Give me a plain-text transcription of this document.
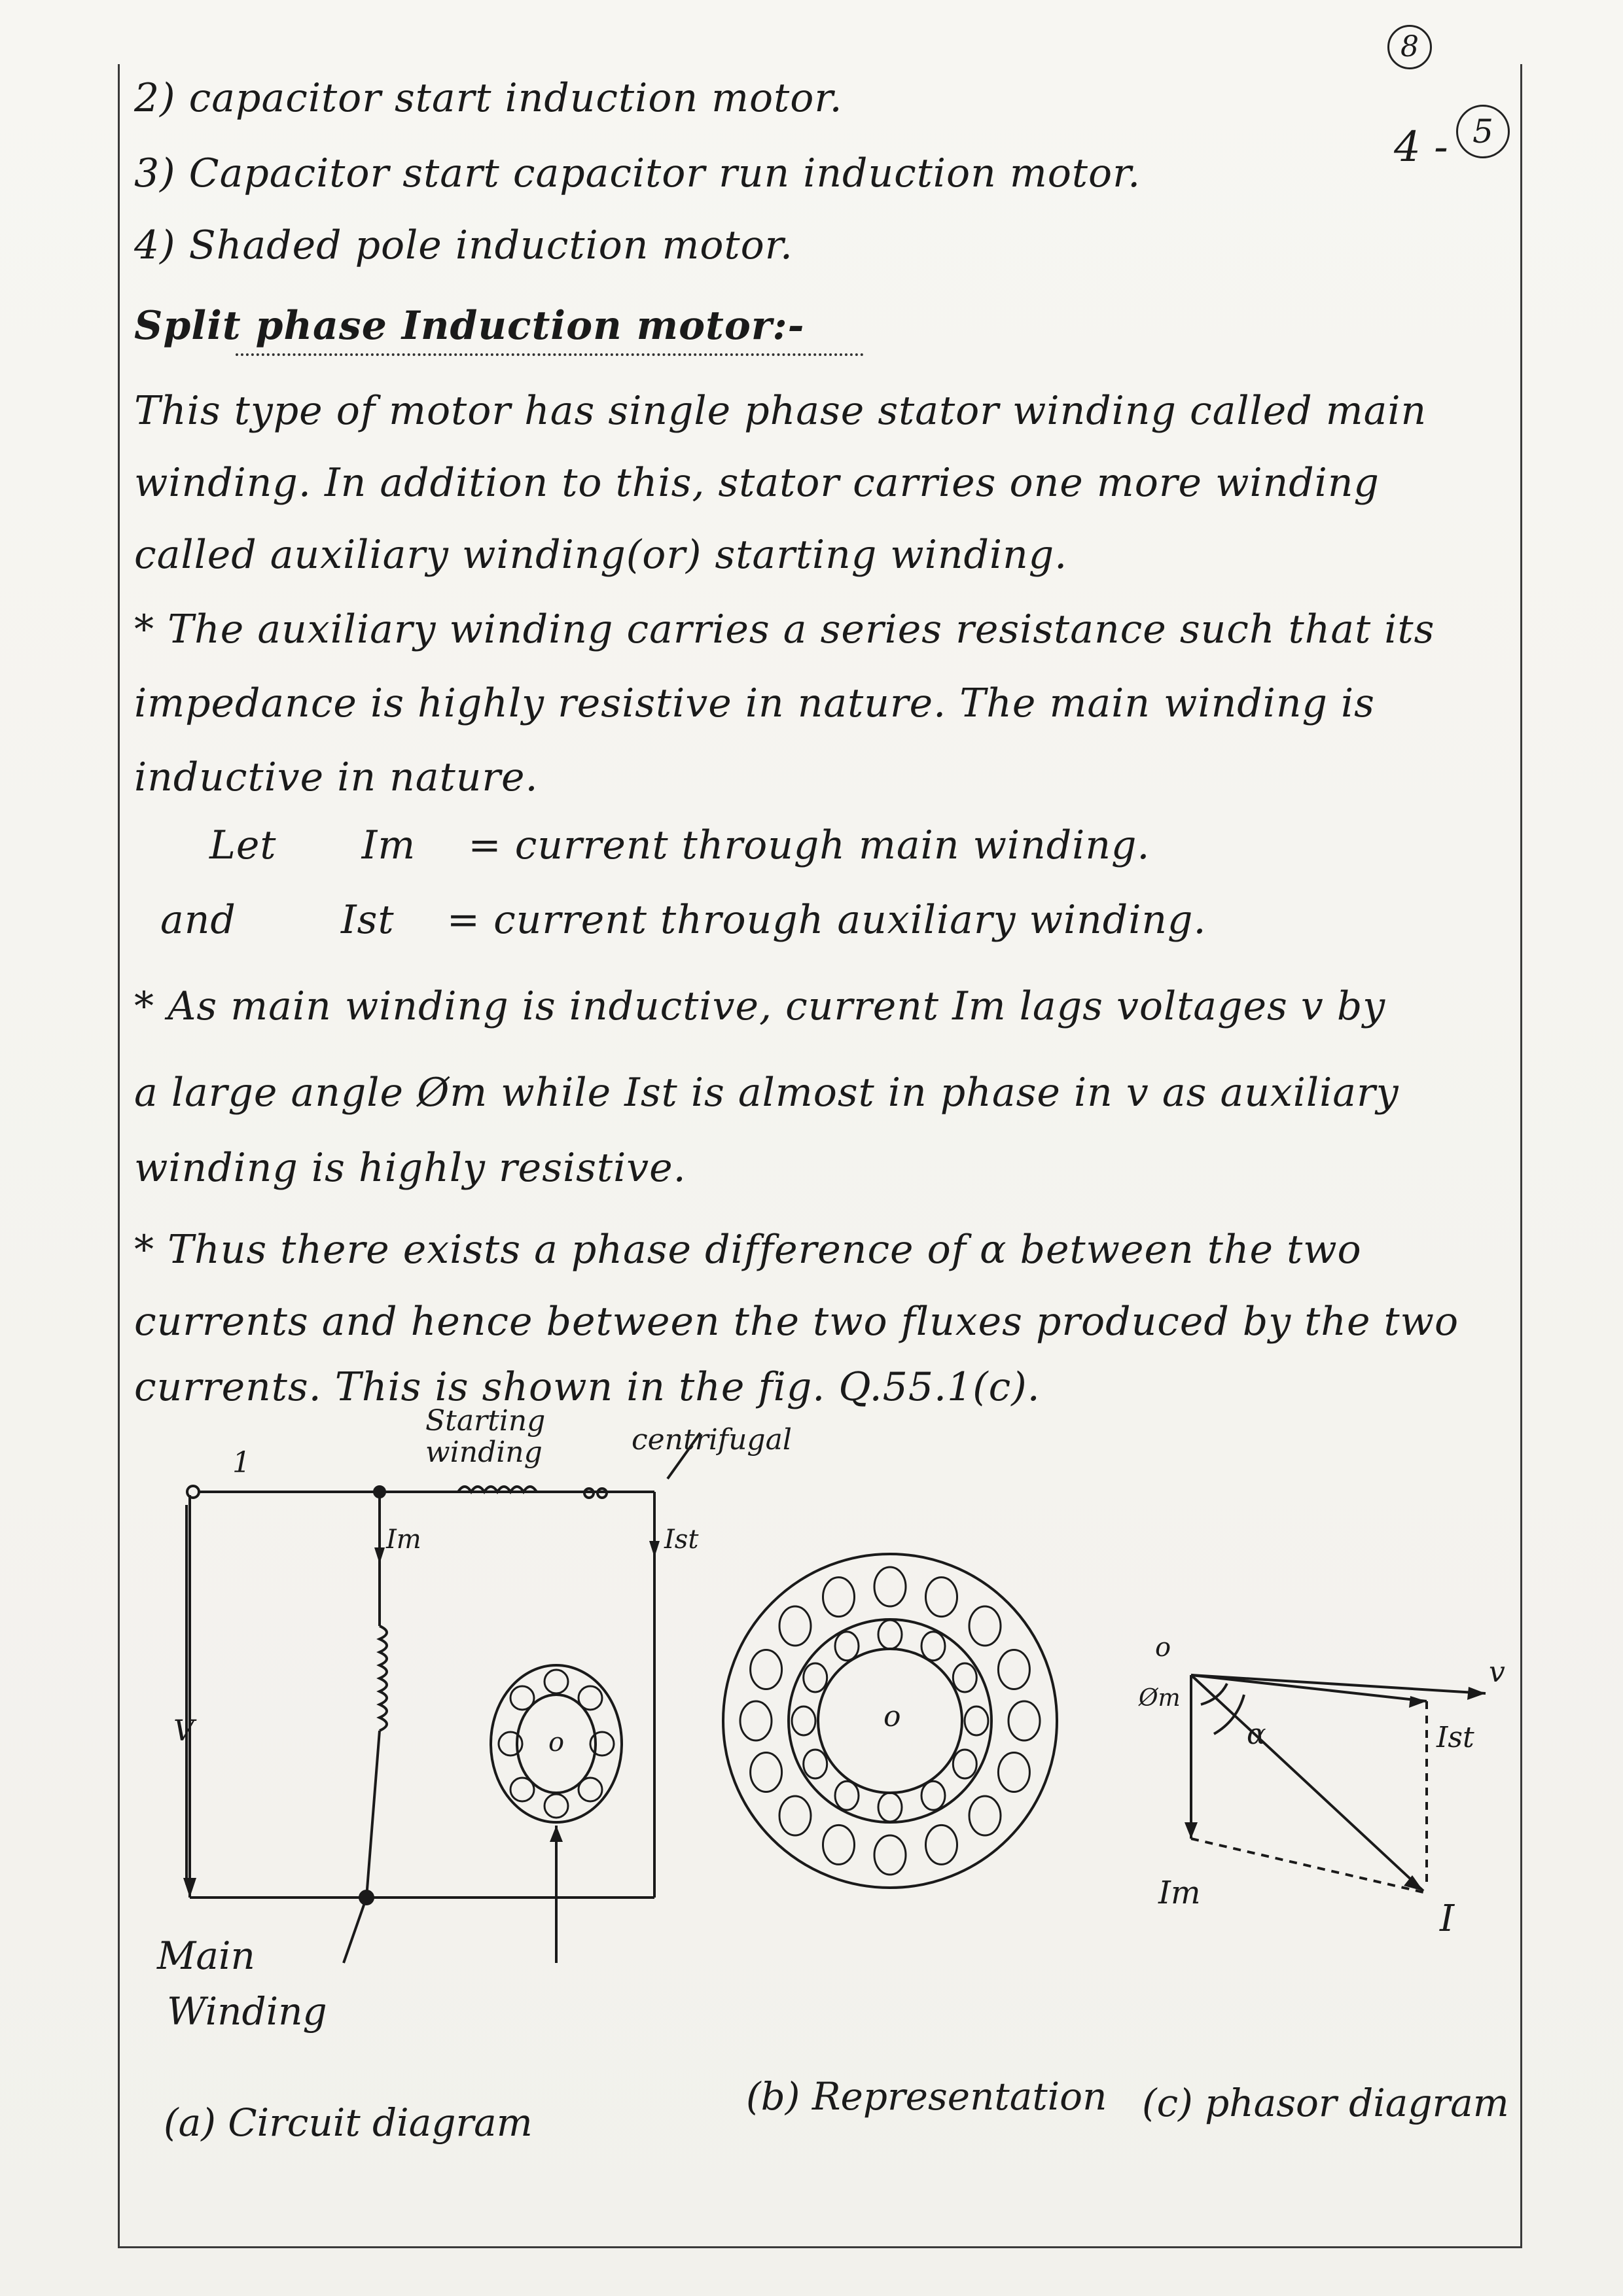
8
4 - 5
2) capacitor start induction motor.
3) Capacitor start capacitor run induction motor.
4) Shaded pole induction motor.
Split phase Induction motor:-
This type of motor has single phase stator winding called main
winding. In addition to this, stator carries one more winding
called auxiliary winding(or) starting winding.
* The auxiliary winding carries a series resistance such that its
impedance is highly resistive in nature. The main winding is
inductive in nature.
Let Im = current through main winding.
and	Ist = current through auxiliary winding.
* As main winding is inductive, current Im lags voltages v by
a large angle Øm while Ist is almost in phase in v as auxiliary
winding is highly resistive.
* Thus there exists a phase difference of α between the two
currents and hence between the two fluxes produced by the two
currents. This is shown in the fig. Q.55.1(c).
1
Starting winding	centrifugal
Im	Ist
V	o
Main
Winding
(a) Circuit diagram
o
(b) Representation
o
v
Øm
α	Ist
Im
I
(c) phasor diagram
